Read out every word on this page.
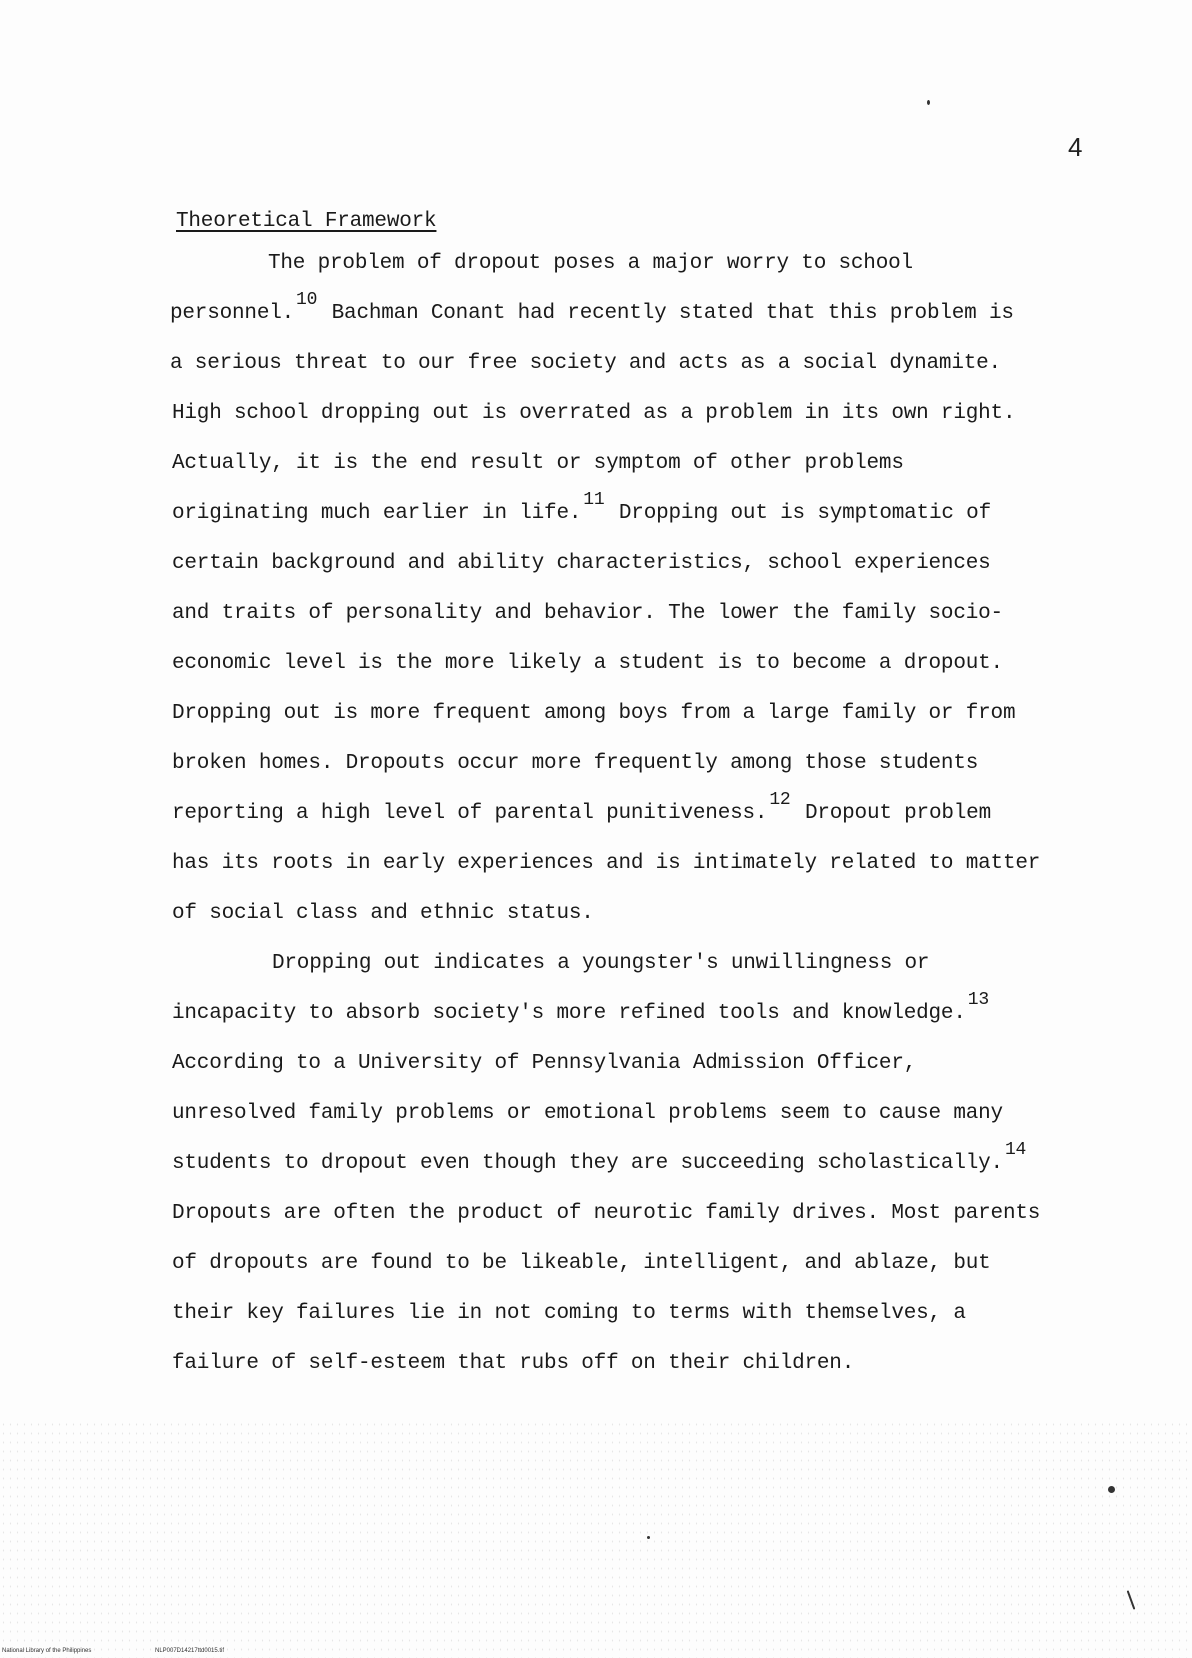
4
Theoretical Framework
The problem of dropout poses a major worry to school
personnel.10 Bachman Conant had recently stated that this problem is
a serious threat to our free society and acts as a social dynamite.
High school dropping out is overrated as a problem in its own right.
Actually, it is the end result or symptom of other problems
originating much earlier in life.11 Dropping out is symptomatic of
certain background and ability characteristics, school experiences
and traits of personality and behavior. The lower the family socio-
economic level is the more likely a student is to become a dropout.
Dropping out is more frequent among boys from a large family or from
broken homes. Dropouts occur more frequently among those students
reporting a high level of parental punitiveness.12 Dropout problem
has its roots in early experiences and is intimately related to matter
of social class and ethnic status.
Dropping out indicates a youngster's unwillingness or
incapacity to absorb society's more refined tools and knowledge.13
According to a University of Pennsylvania Admission Officer,
unresolved family problems or emotional problems seem to cause many
students to dropout even though they are succeeding scholastically.14
Dropouts are often the product of neurotic family drives. Most parents
of dropouts are found to be likeable, intelligent, and ablaze, but
their key failures lie in not coming to terms with themselves, a
failure of self-esteem that rubs off on their children.
National Library of the Philippines	NLP007D14217ttd0015.tif
